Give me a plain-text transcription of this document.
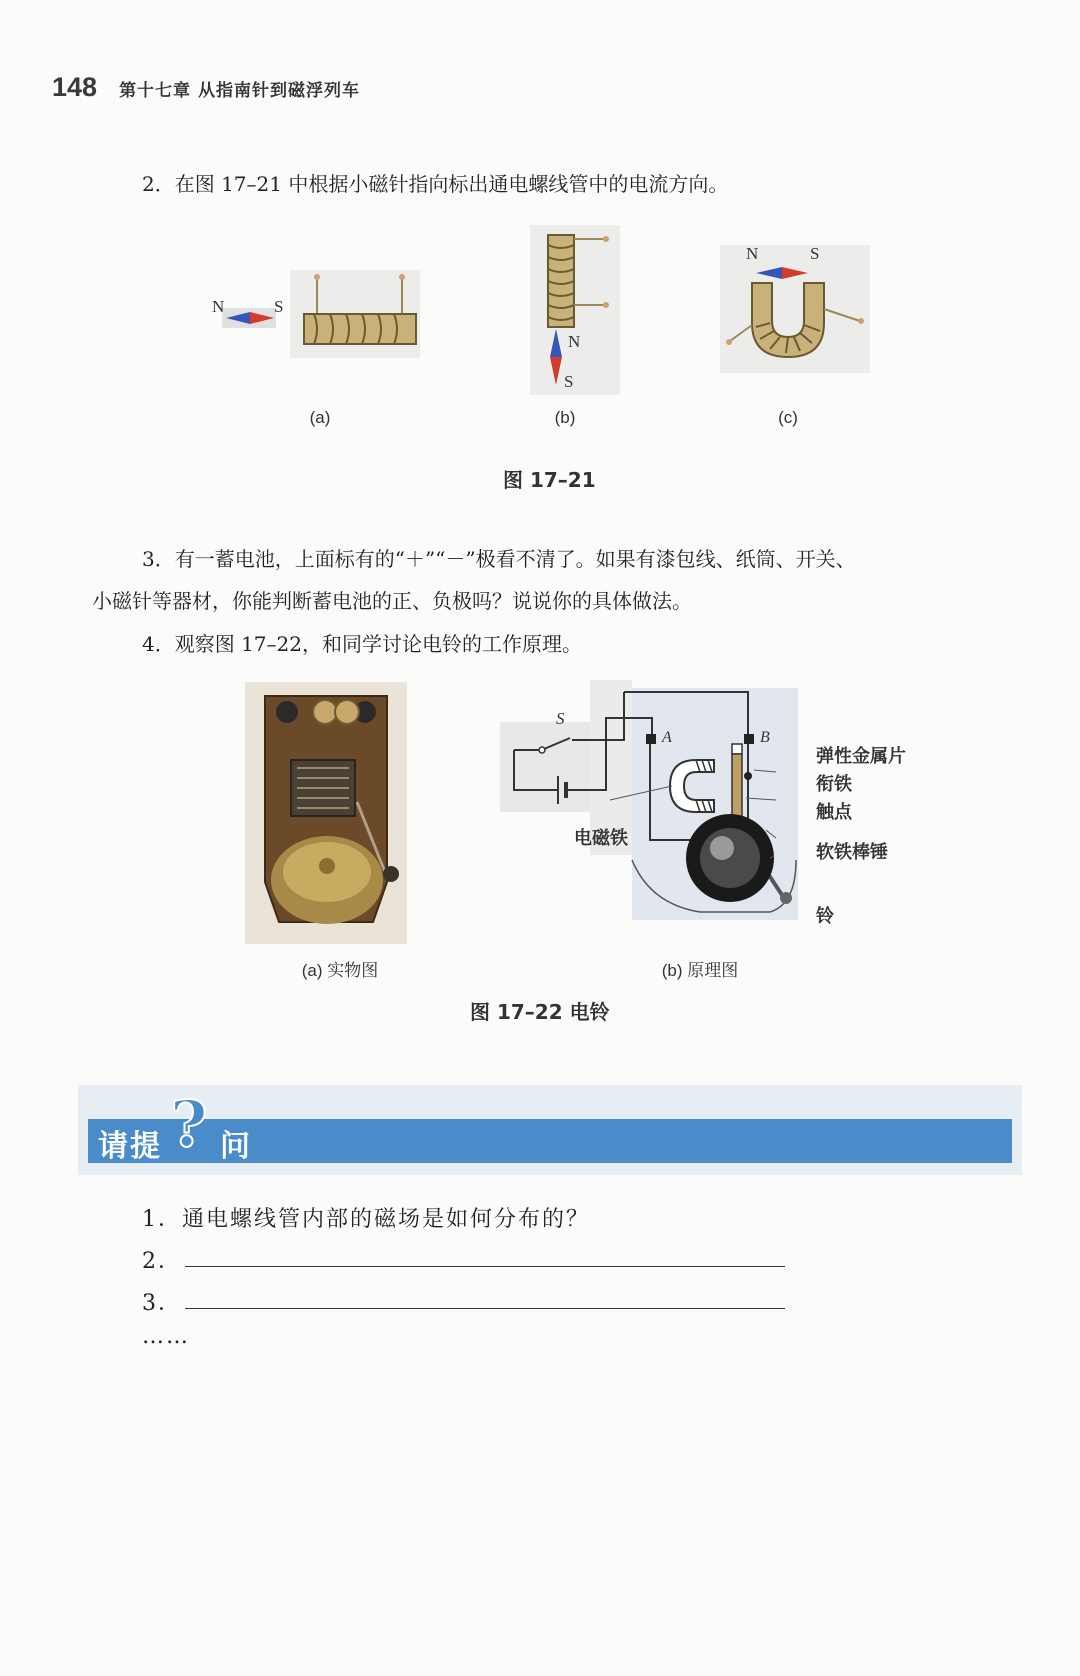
148 第十七章 从指南针到磁浮列车
2．在图 17–21 中根据小磁针指向标出通电螺线管中的电流方向。
N	S
N
S
N	S
(a)	(b)	(c)
图 17–21
3．有一蓄电池，上面标有的“＋”“－”极看不清了。如果有漆包线、纸筒、开关、
小磁针等器材，你能判断蓄电池的正、负极吗？说说你的具体做法。
4．观察图 17–22，和同学讨论电铃的工作原理。
S
A	B
弹性金属片
衔铁
触点
电磁铁
软铁棒锤
铃
(a) 实物图	(b) 原理图
图 17–22 电铃
请提 ? 问
1．通电螺线管内部的磁场是如何分布的？
2．
3．
……
